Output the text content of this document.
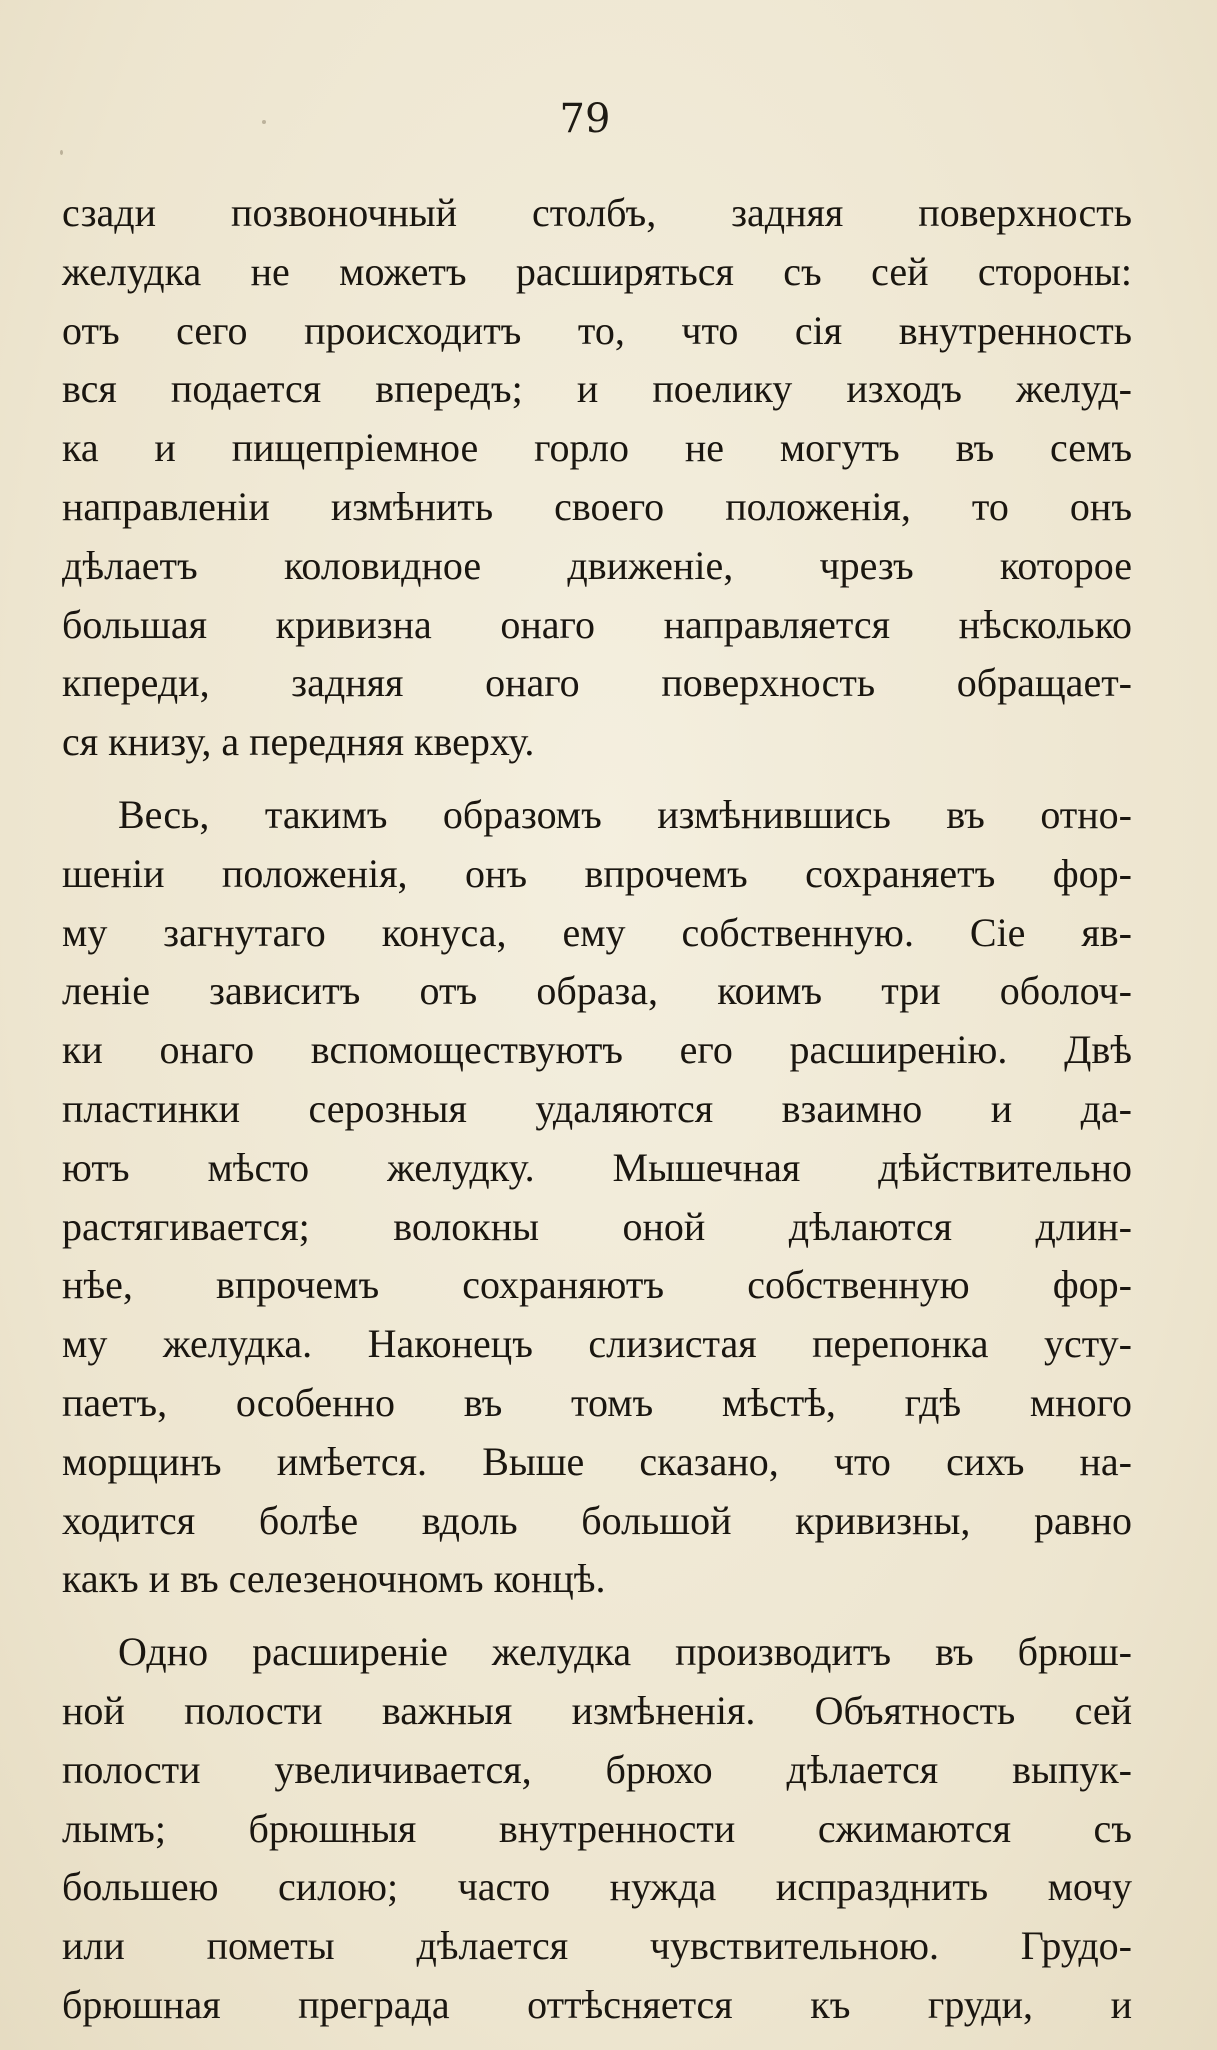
79
сзади позвоночный столбъ, задняя поверхность
желудка не можетъ расширяться съ сей стороны:
отъ сего происходитъ то, что сія внутренность
вся подается впередъ; и поелику изходъ желуд-
ка и пищепріемное горло не могутъ въ семъ
направленіи измѣнить своего положенія, то онъ
дѣлаетъ коловидное движеніе, чрезъ которое
большая кривизна онаго направляется нѣсколько
кпереди, задняя онаго поверхность обращает-
ся книзу, а передняя кверху.
Весь, такимъ образомъ измѣнившись въ отно-
шеніи положенія, онъ впрочемъ сохраняетъ фор-
му загнутаго конуса, ему собственную. Сіе яв-
леніе зависитъ отъ образа, коимъ три оболоч-
ки онаго вспомоществуютъ его расширенію. Двѣ
пластинки серозныя удаляются взаимно и да-
ютъ мѣсто желудку. Мышечная дѣйствительно
растягивается; волокны оной дѣлаются длин-
нѣе, впрочемъ сохраняютъ собственную фор-
му желудка. Наконецъ слизистая перепонка усту-
паетъ, особенно въ томъ мѣстѣ, гдѣ много
морщинъ имѣется. Выше сказано, что сихъ на-
ходится болѣе вдоль большой кривизны, равно
какъ и въ селезеночномъ концѣ.
Одно расширеніе желудка производитъ въ брюш-
ной полости важныя измѣненія. Объятность сей
полости увеличивается, брюхо дѣлается выпук-
лымъ; брюшныя внутренности сжимаются съ
большею силою; часто нужда испразднить мочу
или пометы дѣлается чувствительною. Грудо-
брюшная преграда оттѣсняется къ груди, и
